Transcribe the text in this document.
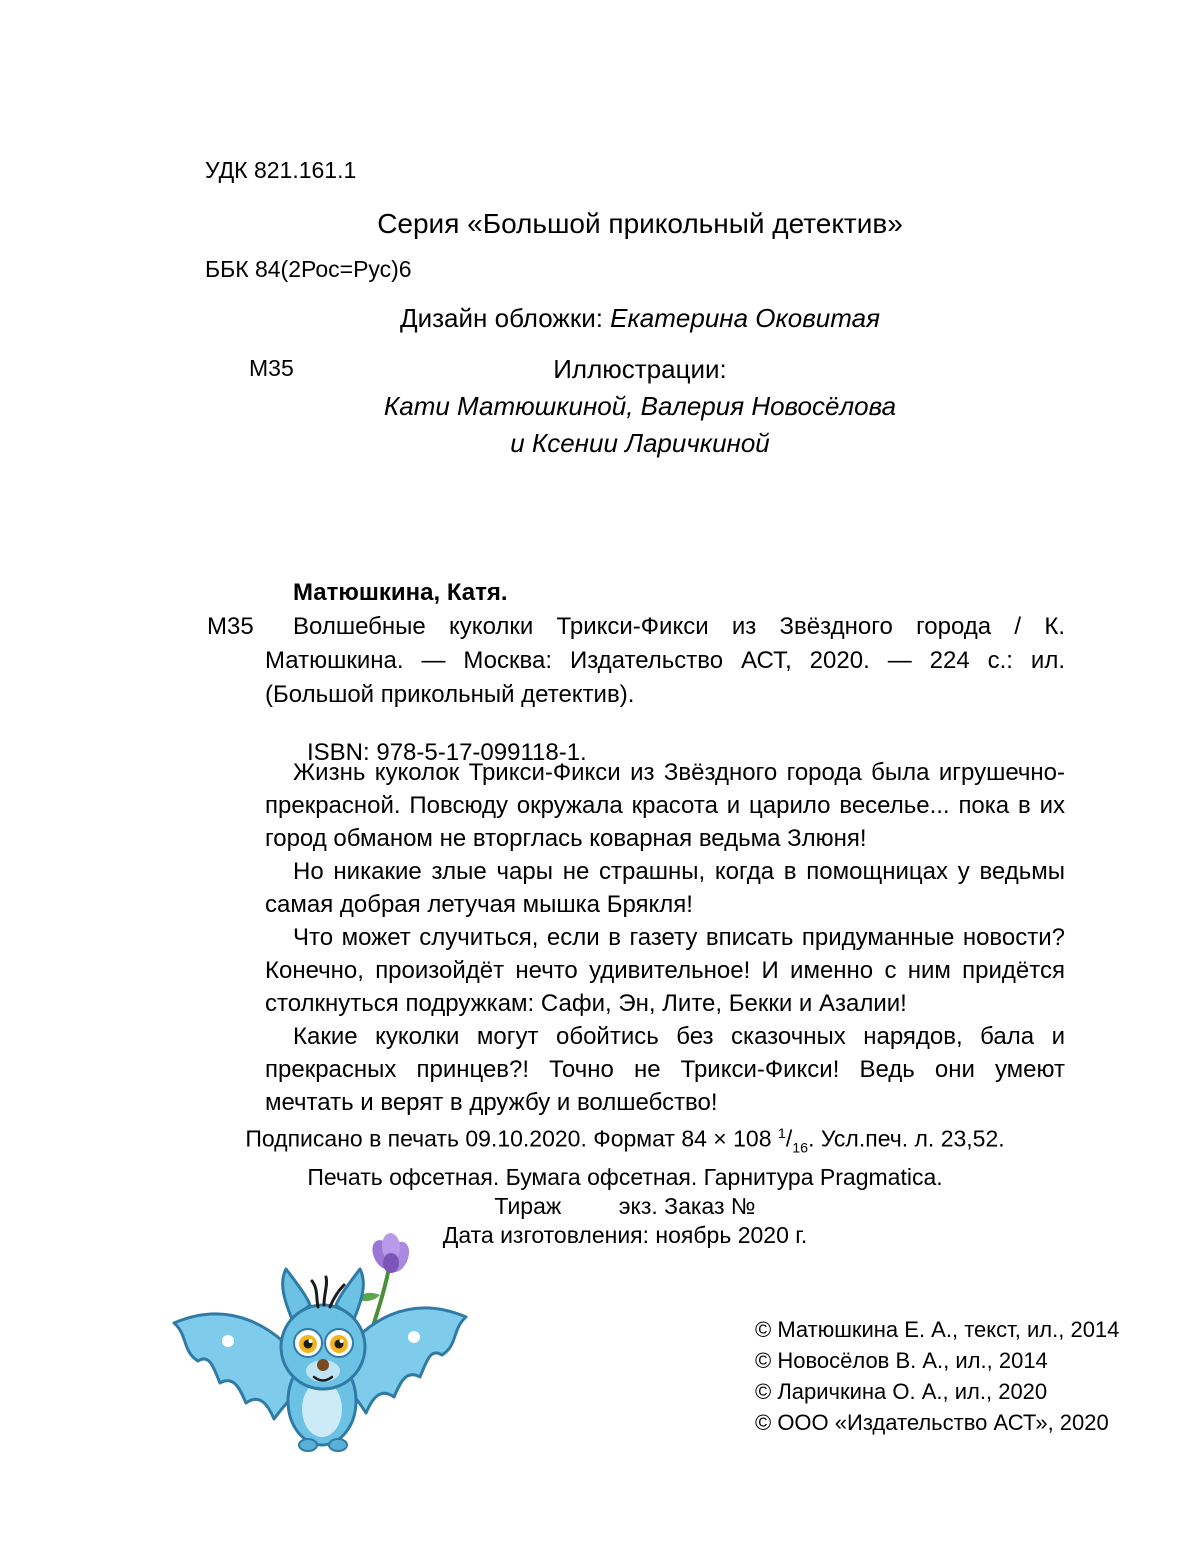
УДК 821.161.1

ББК 84(2Рос=Рус)6

М35

Серия «Большой прикольный детектив»
Дизайн обложки: Екатерина Оковитая
Иллюстрации:
Кати Матюшкиной, Валерия Новосёлова
и Ксении Ларичкиной
Матюшкина, Катя.

М35 Волшебные куколки Трикси-Фикси из Звёздного города / К. Матюшкина. — Москва: Издательство АСТ, 2020. — 224 с.: ил. (Большой прикольный детектив).

ISBN: 978-5-17-099118-1.

Жизнь куколок Трикси-Фикси из Звёздного города была игрушечно-прекрасной. Повсюду окружала красота и царило веселье... пока в их город обманом не вторглась коварная ведьма Злюня!

Но никакие злые чары не страшны, когда в помощницах у ведьмы самая добрая летучая мышка Брякля!

Что может случиться, если в газету вписать придуманные новости? Конечно, произойдёт нечто удивительное! И именно с ним придётся столкнуться подружкам: Сафи, Эн, Лите, Бекки и Азалии!

Какие куколки могут обойтись без сказочных нарядов, бала и прекрасных принцев?! Точно не Трикси-Фикси! Ведь они умеют мечтать и верят в дружбу и волшебство!

Подписано в печать 09.10.2020. Формат 84 × 108 $^1/_{16}$. Усл.печ. л. 23,52.

Печать офсетная. Бумага офсетная. Гарнитура Pragmatica.

Тираж         экз. Заказ №

Дата изготовления: ноябрь 2020 г.

© Матюшкина Е. А., текст, ил., 2014
© Новосёлов В. А., ил., 2014
© Ларичкина О. А., ил., 2020
© ООО «Издательство АСТ», 2020
